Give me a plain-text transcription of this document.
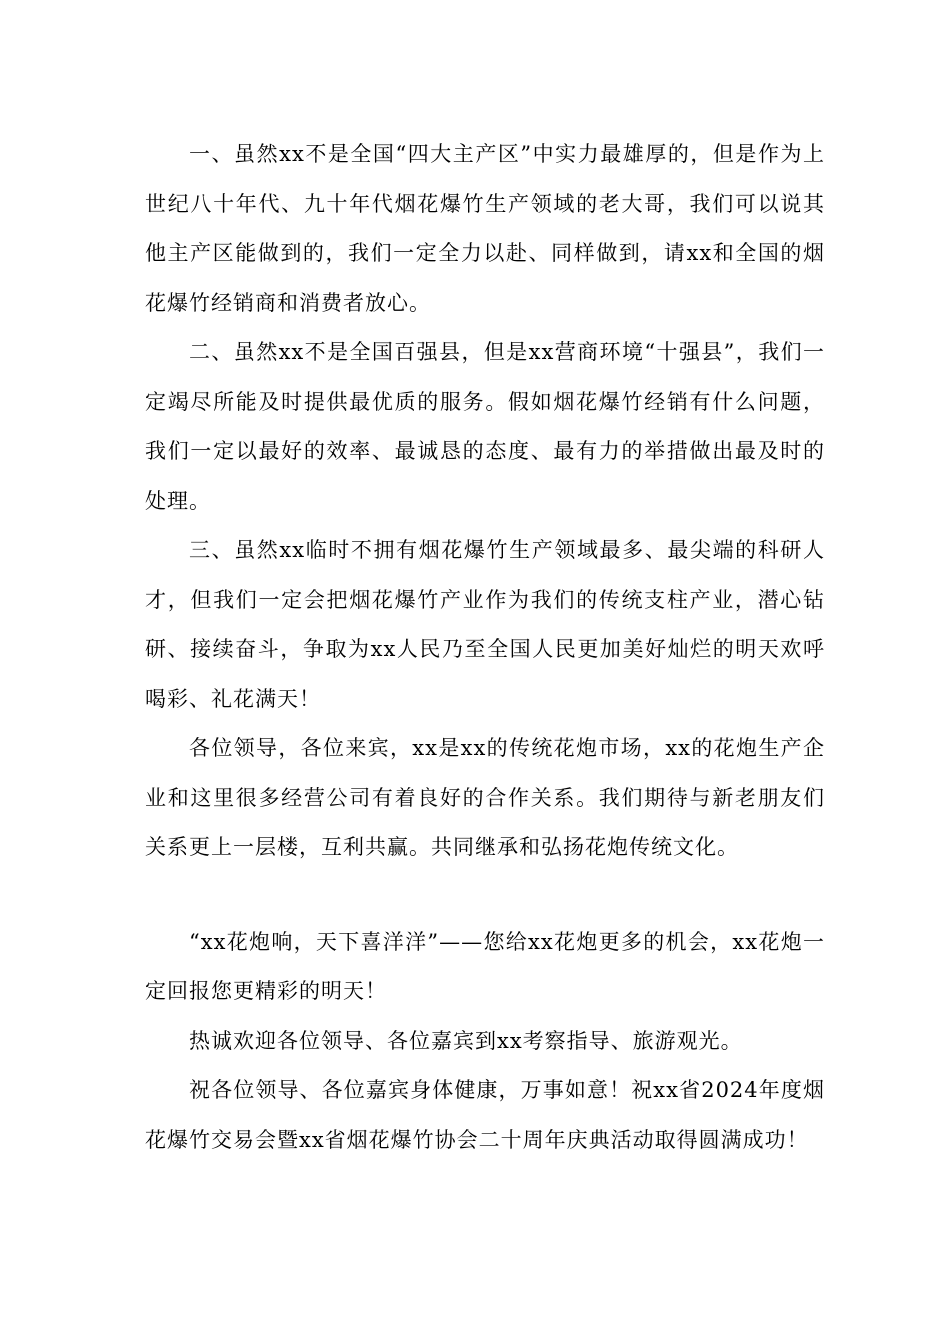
一、虽然xx不是全国“四大主产区”中实力最雄厚的，但是作为上世纪八十年代、九十年代烟花爆竹生产领域的老大哥，我们可以说其他主产区能做到的，我们一定全力以赴、同样做到，请xx和全国的烟花爆竹经销商和消费者放心。

二、虽然xx不是全国百强县，但是xx营商环境“十强县”，我们一定竭尽所能及时提供最优质的服务。假如烟花爆竹经销有什么问题，我们一定以最好的效率、最诚恳的态度、最有力的举措做出最及时的处理。

三、虽然xx临时不拥有烟花爆竹生产领域最多、最尖端的科研人才，但我们一定会把烟花爆竹产业作为我们的传统支柱产业，潜心钻研、接续奋斗，争取为xx人民乃至全国人民更加美好灿烂的明天欢呼喝彩、礼花满天！

各位领导，各位来宾，xx是xx的传统花炮市场，xx的花炮生产企业和这里很多经营公司有着良好的合作关系。我们期待与新老朋友们关系更上一层楼，互利共赢。共同继承和弘扬花炮传统文化。

“xx花炮响，天下喜洋洋”——您给xx花炮更多的机会，xx花炮一定回报您更精彩的明天！

热诚欢迎各位领导、各位嘉宾到xx考察指导、旅游观光。

祝各位领导、各位嘉宾身体健康，万事如意！祝xx省2024年度烟花爆竹交易会暨xx省烟花爆竹协会二十周年庆典活动取得圆满成功！
